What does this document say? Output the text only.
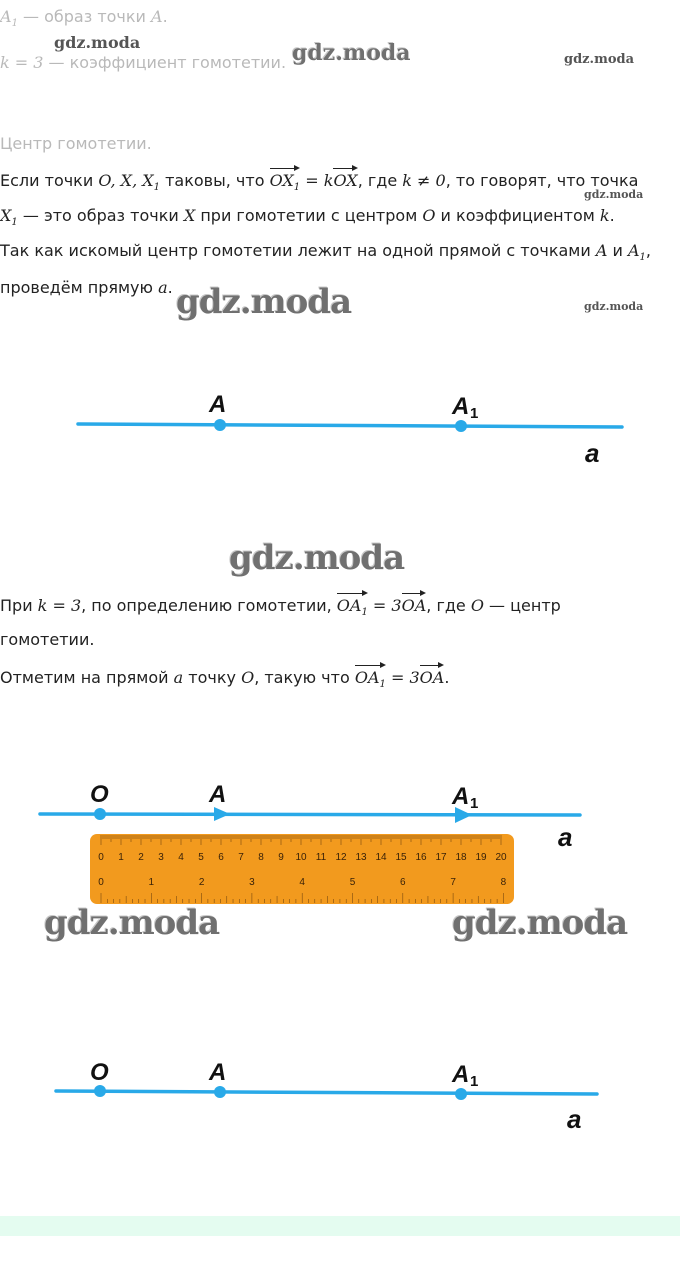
$A_1$ — образ точки A.
k = 3 — коэффициент гомотетии.
Центр гомотетии.
Если точки O, X, $X_1$ таковы, что $OX_1$ = kOX, где k ≠ 0, то говорят, что точка
$X_1$ — это образ точки X при гомотетии с центром O и коэффициентом k.
Так как искомый центр гомотетии лежит на одной прямой с точками A и $A_1$,
проведём прямую a.
A	A 1
a
При k = 3, по определению гомотетии, $OA_1 = 3OA$, где O — центр
гомотетии.
Отметим на прямой a точку O, такую что $OA_1 = 3OA$.
O	A	A 1
a
0 1 2 3 4 5 6 7 8 9 10 11 12 13 14 15 16 17 18 19 20
0	1	2	3	4	5	6	7	8
O	A	A 1
a
gdz.moda	gdz.moda	gdz.moda
gdz.moda
gdz.moda	gdz.moda
gdz.moda
gdz.moda	gdz.moda
